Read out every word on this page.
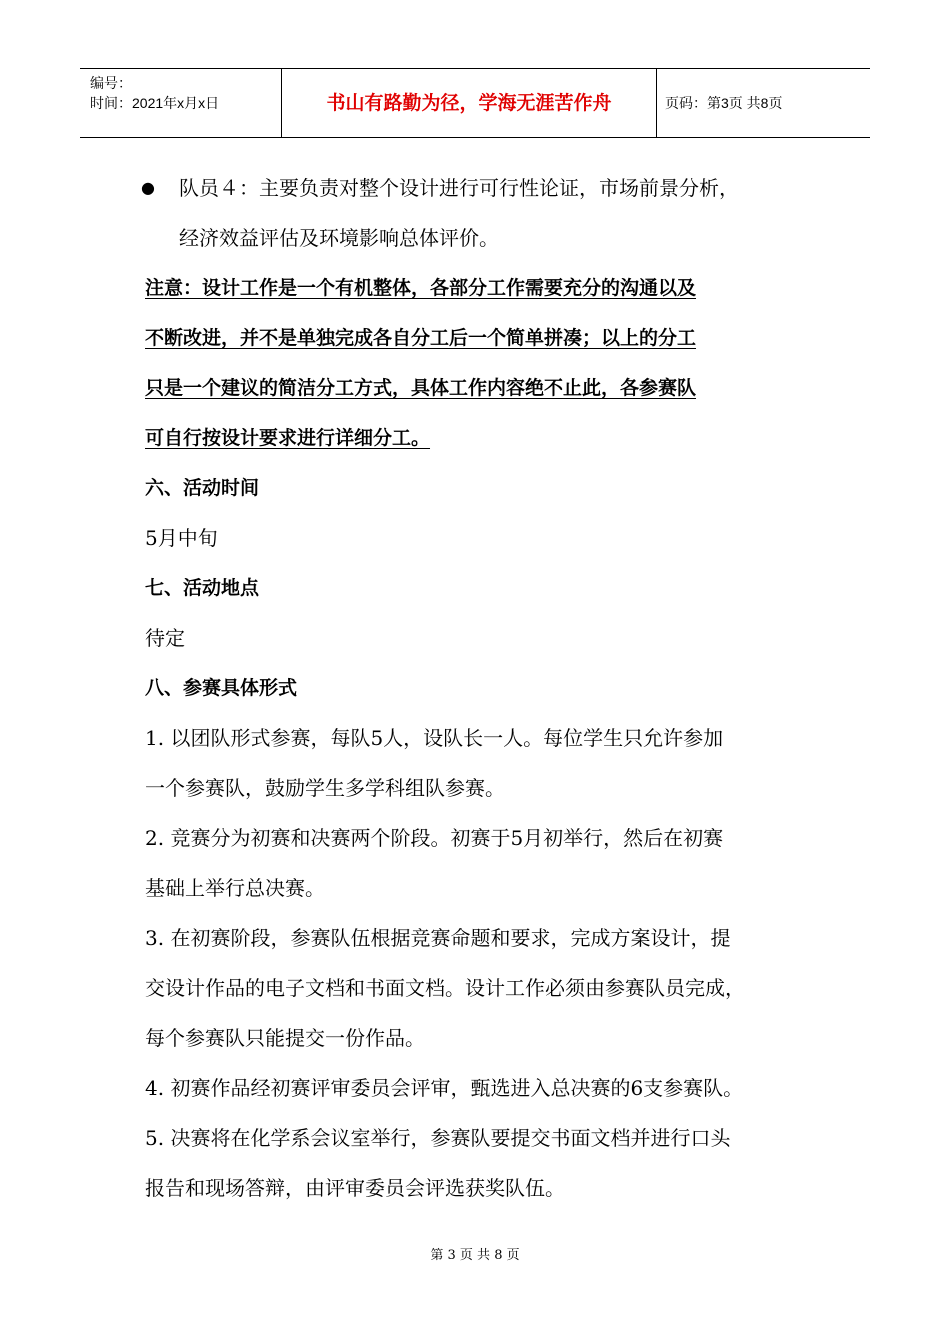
编号：
时间：2021年x月x日	书山有路勤为径，学海无涯苦作舟	页码：第3页 共8页
● 队员４：主要负责对整个设计进行可行性论证，市场前景分析，
经济效益评估及环境影响总体评价。
注意：设计工作是一个有机整体，各部分工作需要充分的沟通以及
不断改进，并不是单独完成各自分工后一个简单拼凑；以上的分工
只是一个建议的简洁分工方式，具体工作内容绝不止此，各参赛队
可自行按设计要求进行详细分工。
六、活动时间
5月中旬
七、活动地点
待定
八、参赛具体形式
1. 以团队形式参赛，每队5人，设队长一人。每位学生只允许参加
一个参赛队，鼓励学生多学科组队参赛。
2. 竞赛分为初赛和决赛两个阶段。初赛于5月初举行，然后在初赛
基础上举行总决赛。
3. 在初赛阶段，参赛队伍根据竞赛命题和要求，完成方案设计，提
交设计作品的电子文档和书面文档。设计工作必须由参赛队员完成，
每个参赛队只能提交一份作品。
4. 初赛作品经初赛评审委员会评审，甄选进入总决赛的6支参赛队。
5. 决赛将在化学系会议室举行，参赛队要提交书面文档并进行口头
报告和现场答辩，由评审委员会评选获奖队伍。
第 3 页 共 8 页
